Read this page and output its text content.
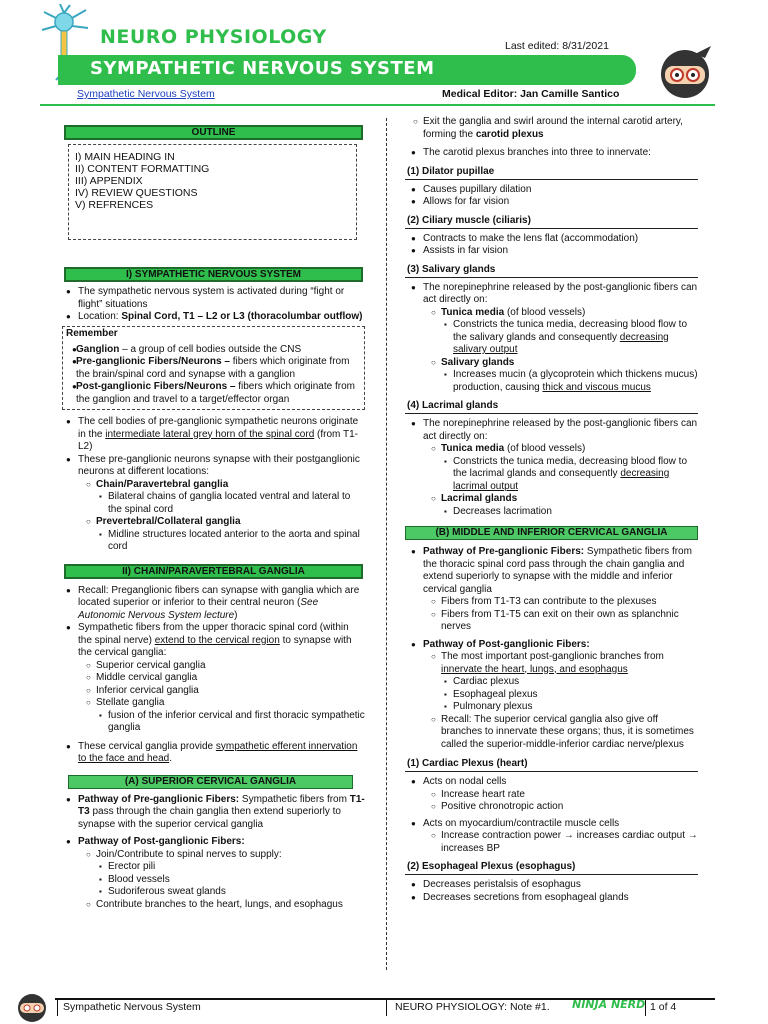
NEURO PHYSIOLOGY	Last edited: 8/31/2021
SYMPATHETIC NERVOUS SYSTEM
Sympathetic Nervous System	Medical Editor: Jan Camille Santico
OUTLINE
I) MAIN HEADING IN
II) CONTENT FORMATTING
III) APPENDIX
IV) REVIEW QUESTIONS
V) REFRENCES
I) SYMPATHETIC NERVOUS SYSTEM
● The sympathetic nervous system is activated during “fight or flight” situations
● Location: Spinal Cord, T1 – L2 or L3 (thoracolumbar outflow)
Remember
● Ganglion – a group of cell bodies outside the CNS
● Pre-ganglionic Fibers/Neurons – fibers which originate from the brain/spinal cord and synapse with a ganglion
● Post-ganglionic Fibers/Neurons – fibers which originate from the ganglion and travel to a target/effector organ
● The cell bodies of pre-ganglionic sympathetic neurons originate in the intermediate lateral grey horn of the spinal cord (from T1-L2)
● These pre-ganglionic neurons synapse with their postganglionic neurons at different locations:
○ Chain/Paravertebral ganglia
▪ Bilateral chains of ganglia located ventral and lateral to the spinal cord
○ Prevertebral/Collateral ganglia
▪ Midline structures located anterior to the aorta and spinal cord
II) CHAIN/PARAVERTEBRAL GANGLIA
● Recall: Preganglionic fibers can synapse with ganglia which are located superior or inferior to their central neuron (See Autonomic Nervous System lecture)
● Sympathetic fibers from the upper thoracic spinal cord (within the spinal nerve) extend to the cervical region to synapse with the cervical ganglia:
○ Superior cervical ganglia
○ Middle cervical ganglia
○ Inferior cervical ganglia
○ Stellate ganglia
▪ fusion of the inferior cervical and first thoracic sympathetic ganglia
● These cervical ganglia provide sympathetic efferent innervation to the face and head.
(A) SUPERIOR CERVICAL GANGLIA
● Pathway of Pre-ganglionic Fibers: Sympathetic fibers from T1-T3 pass through the chain ganglia then extend superiorly to synapse with the superior cervical ganglia
● Pathway of Post-ganglionic Fibers:
○ Join/Contribute to spinal nerves to supply:
▪ Erector pili
▪ Blood vessels
▪ Sudoriferous sweat glands
○ Contribute branches to the heart, lungs, and esophagus
○ Exit the ganglia and swirl around the internal carotid artery, forming the carotid plexus
● The carotid plexus branches into three to innervate:
(1) Dilator pupillae
● Causes pupillary dilation
● Allows for far vision
(2) Ciliary muscle (ciliaris)
● Contracts to make the lens flat (accommodation)
● Assists in far vision
(3) Salivary glands
● The norepinephrine released by the post-ganglionic fibers can act directly on:
○ Tunica media (of blood vessels)
▪ Constricts the tunica media, decreasing blood flow to the salivary glands and consequently decreasing salivary output
○ Salivary glands
▪ Increases mucin (a glycoprotein which thickens mucus) production, causing thick and viscous mucus
(4) Lacrimal glands
● The norepinephrine released by the post-ganglionic fibers can act directly on:
○ Tunica media (of blood vessels)
▪ Constricts the tunica media, decreasing blood flow to the lacrimal glands and consequently decreasing lacrimal output
○ Lacrimal glands
▪ Decreases lacrimation
(B) MIDDLE AND INFERIOR CERVICAL GANGLIA
● Pathway of Pre-ganglionic Fibers: Sympathetic fibers from the thoracic spinal cord pass through the chain ganglia and extend superiorly to synapse with the middle and inferior cervical ganglia
○ Fibers from T1-T3 can contribute to the plexuses
○ Fibers from T1-T5 can exit on their own as splanchnic nerves
● Pathway of Post-ganglionic Fibers:
○ The most important post-ganglionic branches from innervate the heart, lungs, and esophagus
▪ Cardiac plexus
▪ Esophageal plexus
▪ Pulmonary plexus
○ Recall: The superior cervical ganglia also give off branches to innervate these organs; thus, it is sometimes called the superior-middle-inferior cardiac nerve/plexus
(1) Cardiac Plexus (heart)
● Acts on nodal cells
○ Increase heart rate
○ Positive chronotropic action
● Acts on myocardium/contractile muscle cells
○ Increase contraction power → increases cardiac output → increases BP
(2) Esophageal Plexus (esophagus)
● Decreases peristalsis of esophagus
● Decreases secretions from esophageal glands
Sympathetic Nervous System	NEURO PHYSIOLOGY: Note #1. NINJA NERD 1 of 4
